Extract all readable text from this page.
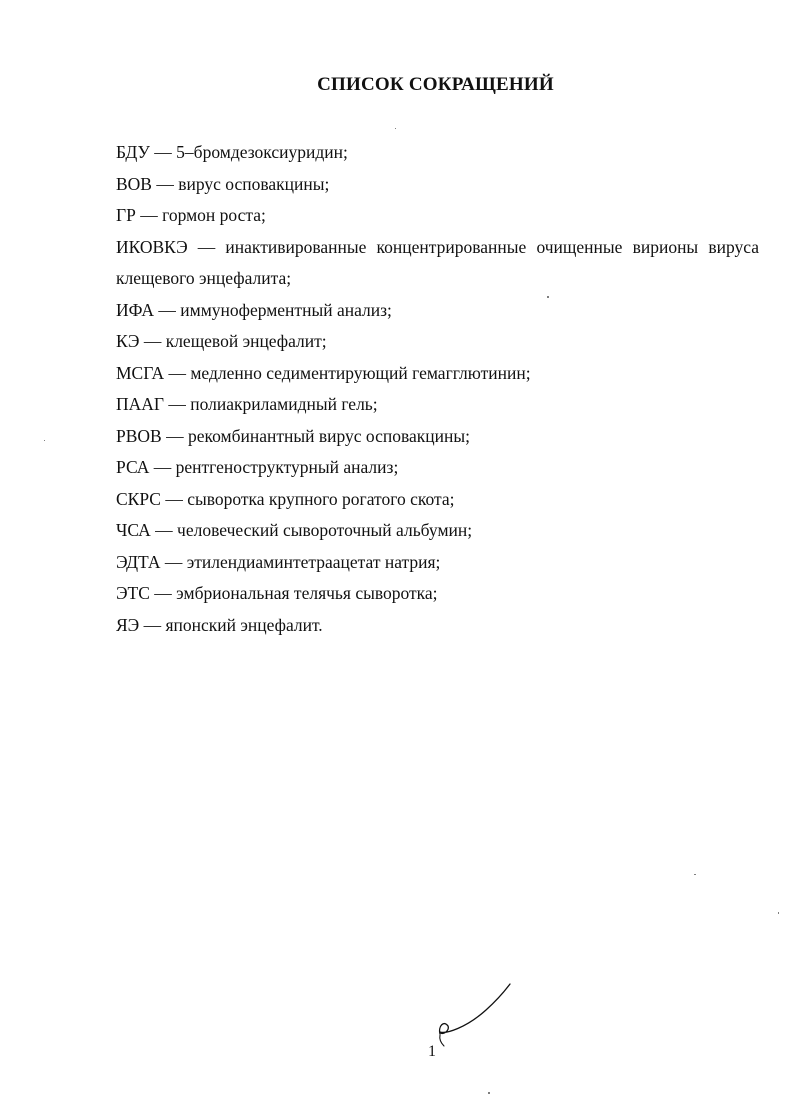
СПИСОК СОКРАЩЕНИЙ
БДУ — 5–бромдезоксиуридин;
ВОВ — вирус осповакцины;
ГР — гормон роста;
ИКОВКЭ — инактивированные концентрированные очищенные вирионы вируса клещевого энцефалита;
ИФА — иммуноферментный анализ;
КЭ — клещевой энцефалит;
МСГА — медленно седиментирующий гемагглютинин;
ПААГ — полиакриламидный гель;
РВОВ — рекомбинантный вирус осповакцины;
РСА — рентгеноструктурный анализ;
СКРС — сыворотка крупного рогатого скота;
ЧСА — человеческий сывороточный альбумин;
ЭДТА — этилендиаминтетраацетат натрия;
ЭТС — эмбриональная телячья сыворотка;
ЯЭ — японский энцефалит.
1
